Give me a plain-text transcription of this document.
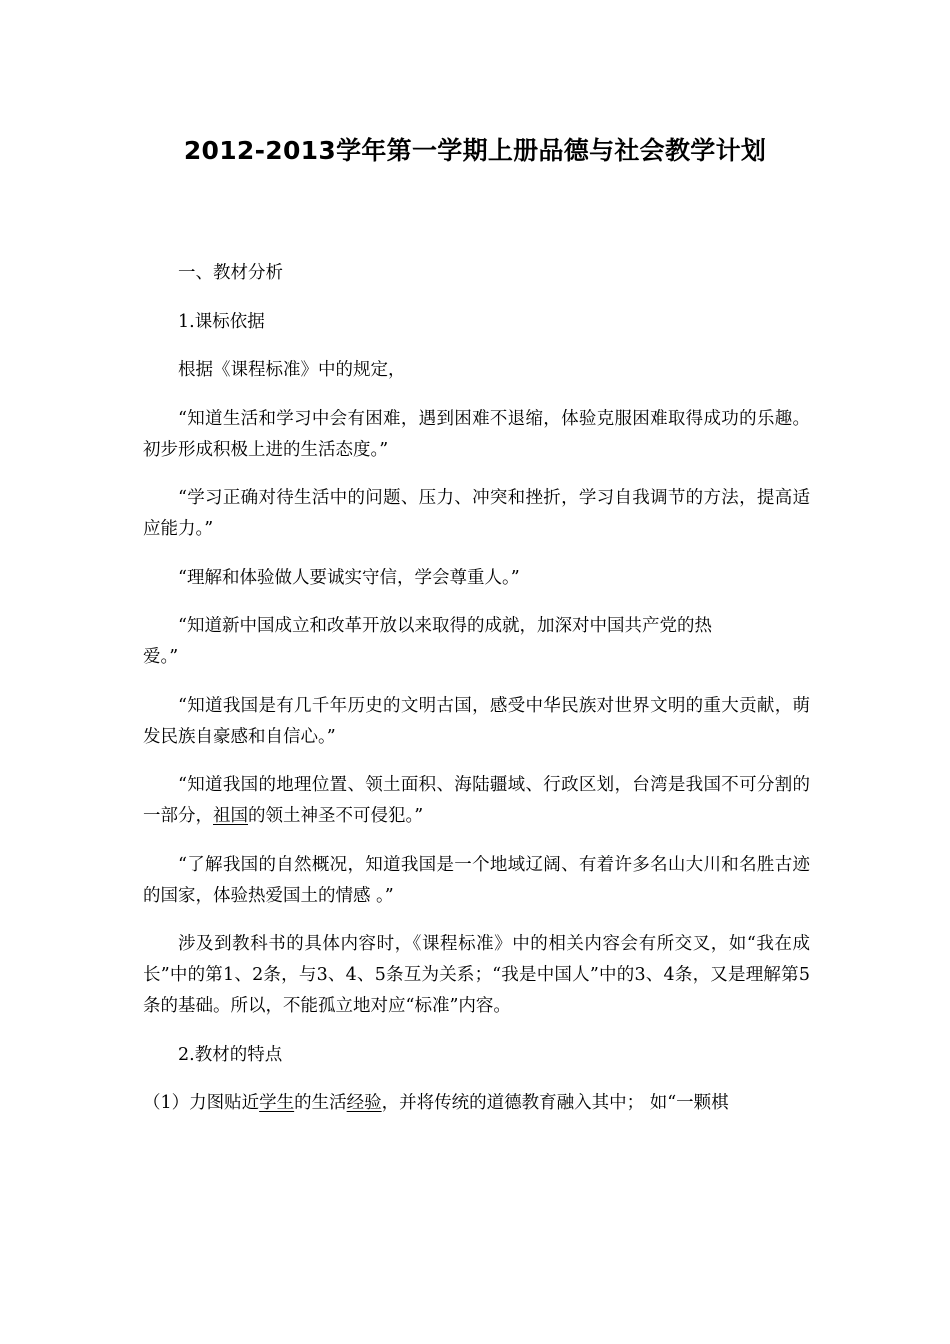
2012-2013学年第一学期上册品德与社会教学计划

一、教材分析

1.课标依据

根据《课程标准》中的规定，

“知道生活和学习中会有困难，遇到困难不退缩，体验克服困难取得成功的乐趣。初步形成积极上进的生活态度。”

“学习正确对待生活中的问题、压力、冲突和挫折，学习自我调节的方法，提高适应能力。”

“理解和体验做人要诚实守信，学会尊重人。”

“知道新中国成立和改革开放以来取得的成就，加深对中国共产党的热
爱。”

“知道我国是有几千年历史的文明古国，感受中华民族对世界文明的重大贡献，萌发民族自豪感和自信心。”

“知道我国的地理位置、领土面积、海陆疆域、行政区划，台湾是我国不可分割的一部分，祖国的领土神圣不可侵犯。”

“了解我国的自然概况，知道我国是一个地域辽阔、有着许多名山大川和名胜古迹的国家，体验热爱国土的情感 。”

涉及到教科书的具体内容时，《课程标准》中的相关内容会有所交叉，如“我在成长”中的第1、2条，与3、4、5条互为关系；“我是中国人”中的3、4条，又是理解第5条的基础。所以，不能孤立地对应“标准”内容。

2.教材的特点

（1）力图贴近学生的生活经验，并将传统的道德教育融入其中； 如“一颗棋
